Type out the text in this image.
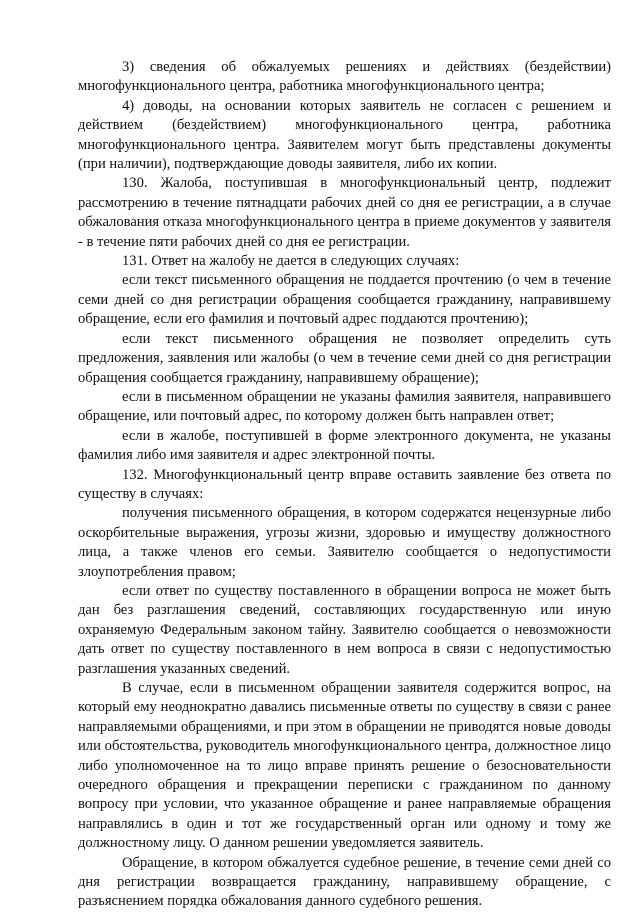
3) сведения об обжалуемых решениях и действиях (бездействии) многофункционального центра, работника многофункционального центра;

4) доводы, на основании которых заявитель не согласен с решением и действием (бездействием) многофункционального центра, работника многофункционального центра. Заявителем могут быть представлены документы (при наличии), подтверждающие доводы заявителя, либо их копии.

130. Жалоба, поступившая в многофункциональный центр, подлежит рассмотрению в течение пятнадцати рабочих дней со дня ее регистрации, а в случае обжалования отказа многофункционального центра в приеме документов у заявителя - в течение пяти рабочих дней со дня ее регистрации.

131. Ответ на жалобу не дается в следующих случаях:

если текст письменного обращения не поддается прочтению (о чем в течение семи дней со дня регистрации обращения сообщается гражданину, направившему обращение, если его фамилия и почтовый адрес поддаются прочтению);

если текст письменного обращения не позволяет определить суть предложения, заявления или жалобы (о чем в течение семи дней со дня регистрации обращения сообщается гражданину, направившему обращение);

если в письменном обращении не указаны фамилия заявителя, направившего обращение, или почтовый адрес, по которому должен быть направлен ответ;

если в жалобе, поступившей в форме электронного документа, не указаны фамилия либо имя заявителя и адрес электронной почты.

132. Многофункциональный центр вправе оставить заявление без ответа по существу в случаях:

получения письменного обращения, в котором содержатся нецензурные либо оскорбительные выражения, угрозы жизни, здоровью и имуществу должностного лица, а также членов его семьи. Заявителю сообщается о недопустимости злоупотребления правом;

если ответ по существу поставленного в обращении вопроса не может быть дан без разглашения сведений, составляющих государственную или иную охраняемую Федеральным законом тайну. Заявителю сообщается о невозможности дать ответ по существу поставленного в нем вопроса в связи с недопустимостью разглашения указанных сведений.

В случае, если в письменном обращении заявителя содержится вопрос, на который ему неоднократно давались письменные ответы по существу в связи с ранее направляемыми обращениями, и при этом в обращении не приводятся новые доводы или обстоятельства, руководитель многофункционального центра, должностное лицо либо уполномоченное на то лицо вправе принять решение о безосновательности очередного обращения и прекращении переписки с гражданином по данному вопросу при условии, что указанное обращение и ранее направляемые обращения направлялись в один и тот же государственный орган или одному и тому же должностному лицу. О данном решении уведомляется заявитель.

Обращение, в котором обжалуется судебное решение, в течение семи дней со дня регистрации возвращается гражданину, направившему обращение, с разъяснением порядка обжалования данного судебного решения.
